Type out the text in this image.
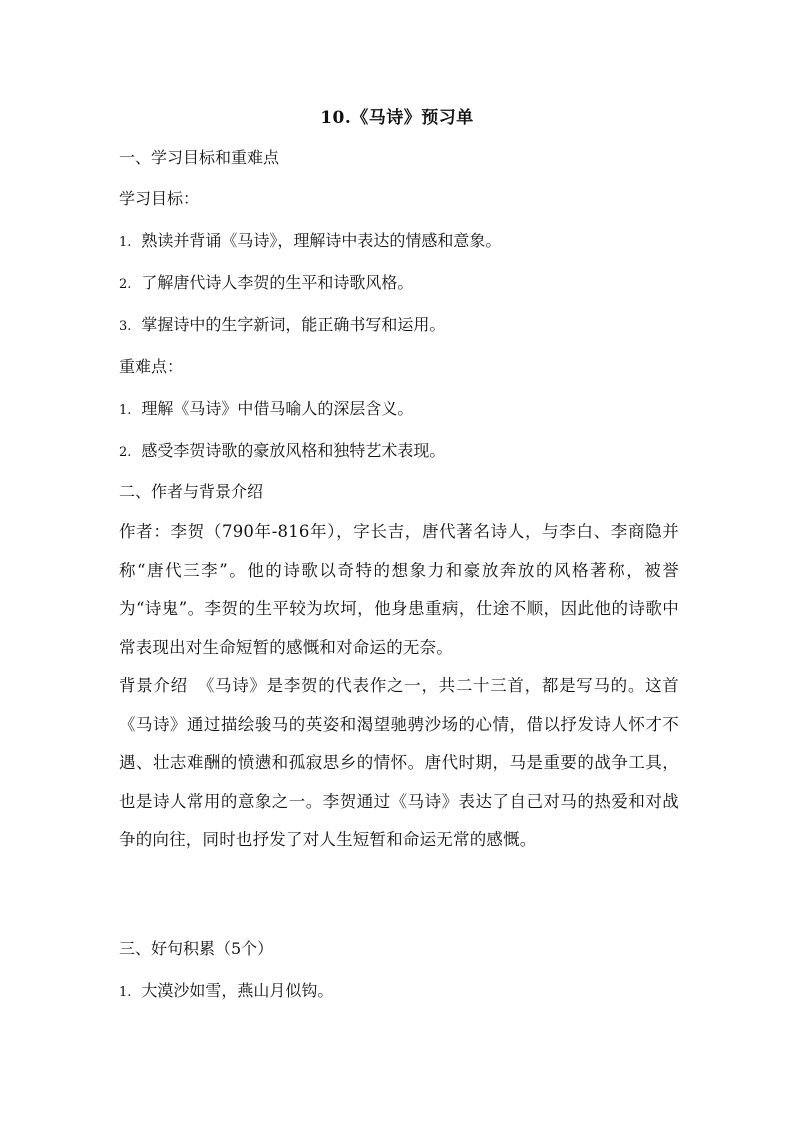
10.《马诗》预习单
一、学习目标和重难点
学习目标：
1. 熟读并背诵《马诗》，理解诗中表达的情感和意象。
2. 了解唐代诗人李贺的生平和诗歌风格。
3. 掌握诗中的生字新词，能正确书写和运用。
重难点：
1. 理解《马诗》中借马喻人的深层含义。
2. 感受李贺诗歌的豪放风格和独特艺术表现。
二、作者与背景介绍
作者：李贺（790年-816年），字长吉，唐代著名诗人，与李白、李商隐并称“唐代三李”。他的诗歌以奇特的想象力和豪放奔放的风格著称，被誉为“诗鬼”。李贺的生平较为坎坷，他身患重病，仕途不顺，因此他的诗歌中常表现出对生命短暂的感慨和对命运的无奈。
背景介绍 《马诗》是李贺的代表作之一，共二十三首，都是写马的。这首《马诗》通过描绘骏马的英姿和渴望驰骋沙场的心情，借以抒发诗人怀才不遇、壮志难酬的愤懑和孤寂思乡的情怀。唐代时期，马是重要的战争工具，也是诗人常用的意象之一。李贺通过《马诗》表达了自己对马的热爱和对战争的向往，同时也抒发了对人生短暂和命运无常的感慨。
三、好句积累（5个）
1. 大漠沙如雪，燕山月似钩。
